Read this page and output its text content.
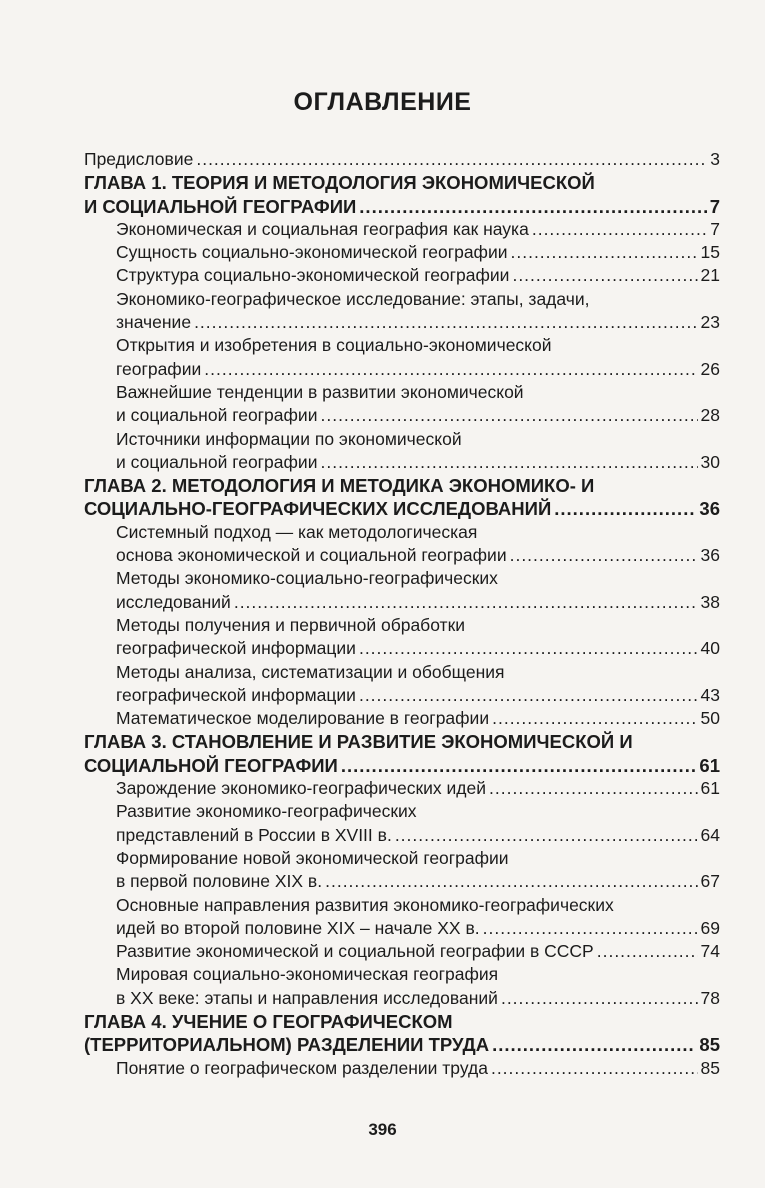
ОГЛАВЛЕНИЕ
Предисловие .....	3
ГЛАВА 1. ТЕОРИЯ И МЕТОДОЛОГИЯ ЭКОНОМИЧЕСКОЙ
И СОЦИАЛЬНОЙ ГЕОГРАФИИ .....	7
Экономическая и социальная география как наука .....	7
Сущность социально-экономической географии .....	15
Структура социально-экономической географии .....	21
Экономико-географическое исследование: этапы, задачи,
значение .....	23
Открытия и изобретения в социально-экономической
географии .....	26
Важнейшие тенденции в развитии экономической
и социальной географии .....	28
Источники информации по экономической
и социальной географии .....	30
ГЛАВА 2. МЕТОДОЛОГИЯ И МЕТОДИКА ЭКОНОМИКО- И
СОЦИАЛЬНО-ГЕОГРАФИЧЕСКИХ ИССЛЕДОВАНИЙ .....	36
Системный подход — как методологическая
основа экономической и социальной географии .....	36
Методы экономико-социально-географических
исследований .....	38
Методы получения и первичной обработки
географической информации .....	40
Методы анализа, систематизации и обобщения
географической информации .....	43
Математическое моделирование в географии .....	50
ГЛАВА 3. СТАНОВЛЕНИЕ И РАЗВИТИЕ ЭКОНОМИЧЕСКОЙ И
СОЦИАЛЬНОЙ ГЕОГРАФИИ .....	61
Зарождение экономико-географических идей .....	61
Развитие экономико-географических
представлений в России в XVIII в. .....	64
Формирование новой экономической географии
в первой половине XIX в. .....	67
Основные направления развития экономико-географических
идей во второй половине XIX – начале XX в. .....	69
Развитие экономической и социальной географии в СССР .....	74
Мировая социально-экономическая география
в XX веке: этапы и направления исследований .....	78
ГЛАВА 4. УЧЕНИЕ О ГЕОГРАФИЧЕСКОМ
(ТЕРРИТОРИАЛЬНОМ) РАЗДЕЛЕНИИ ТРУДА .....	85
Понятие о географическом разделении труда .....	85
396
